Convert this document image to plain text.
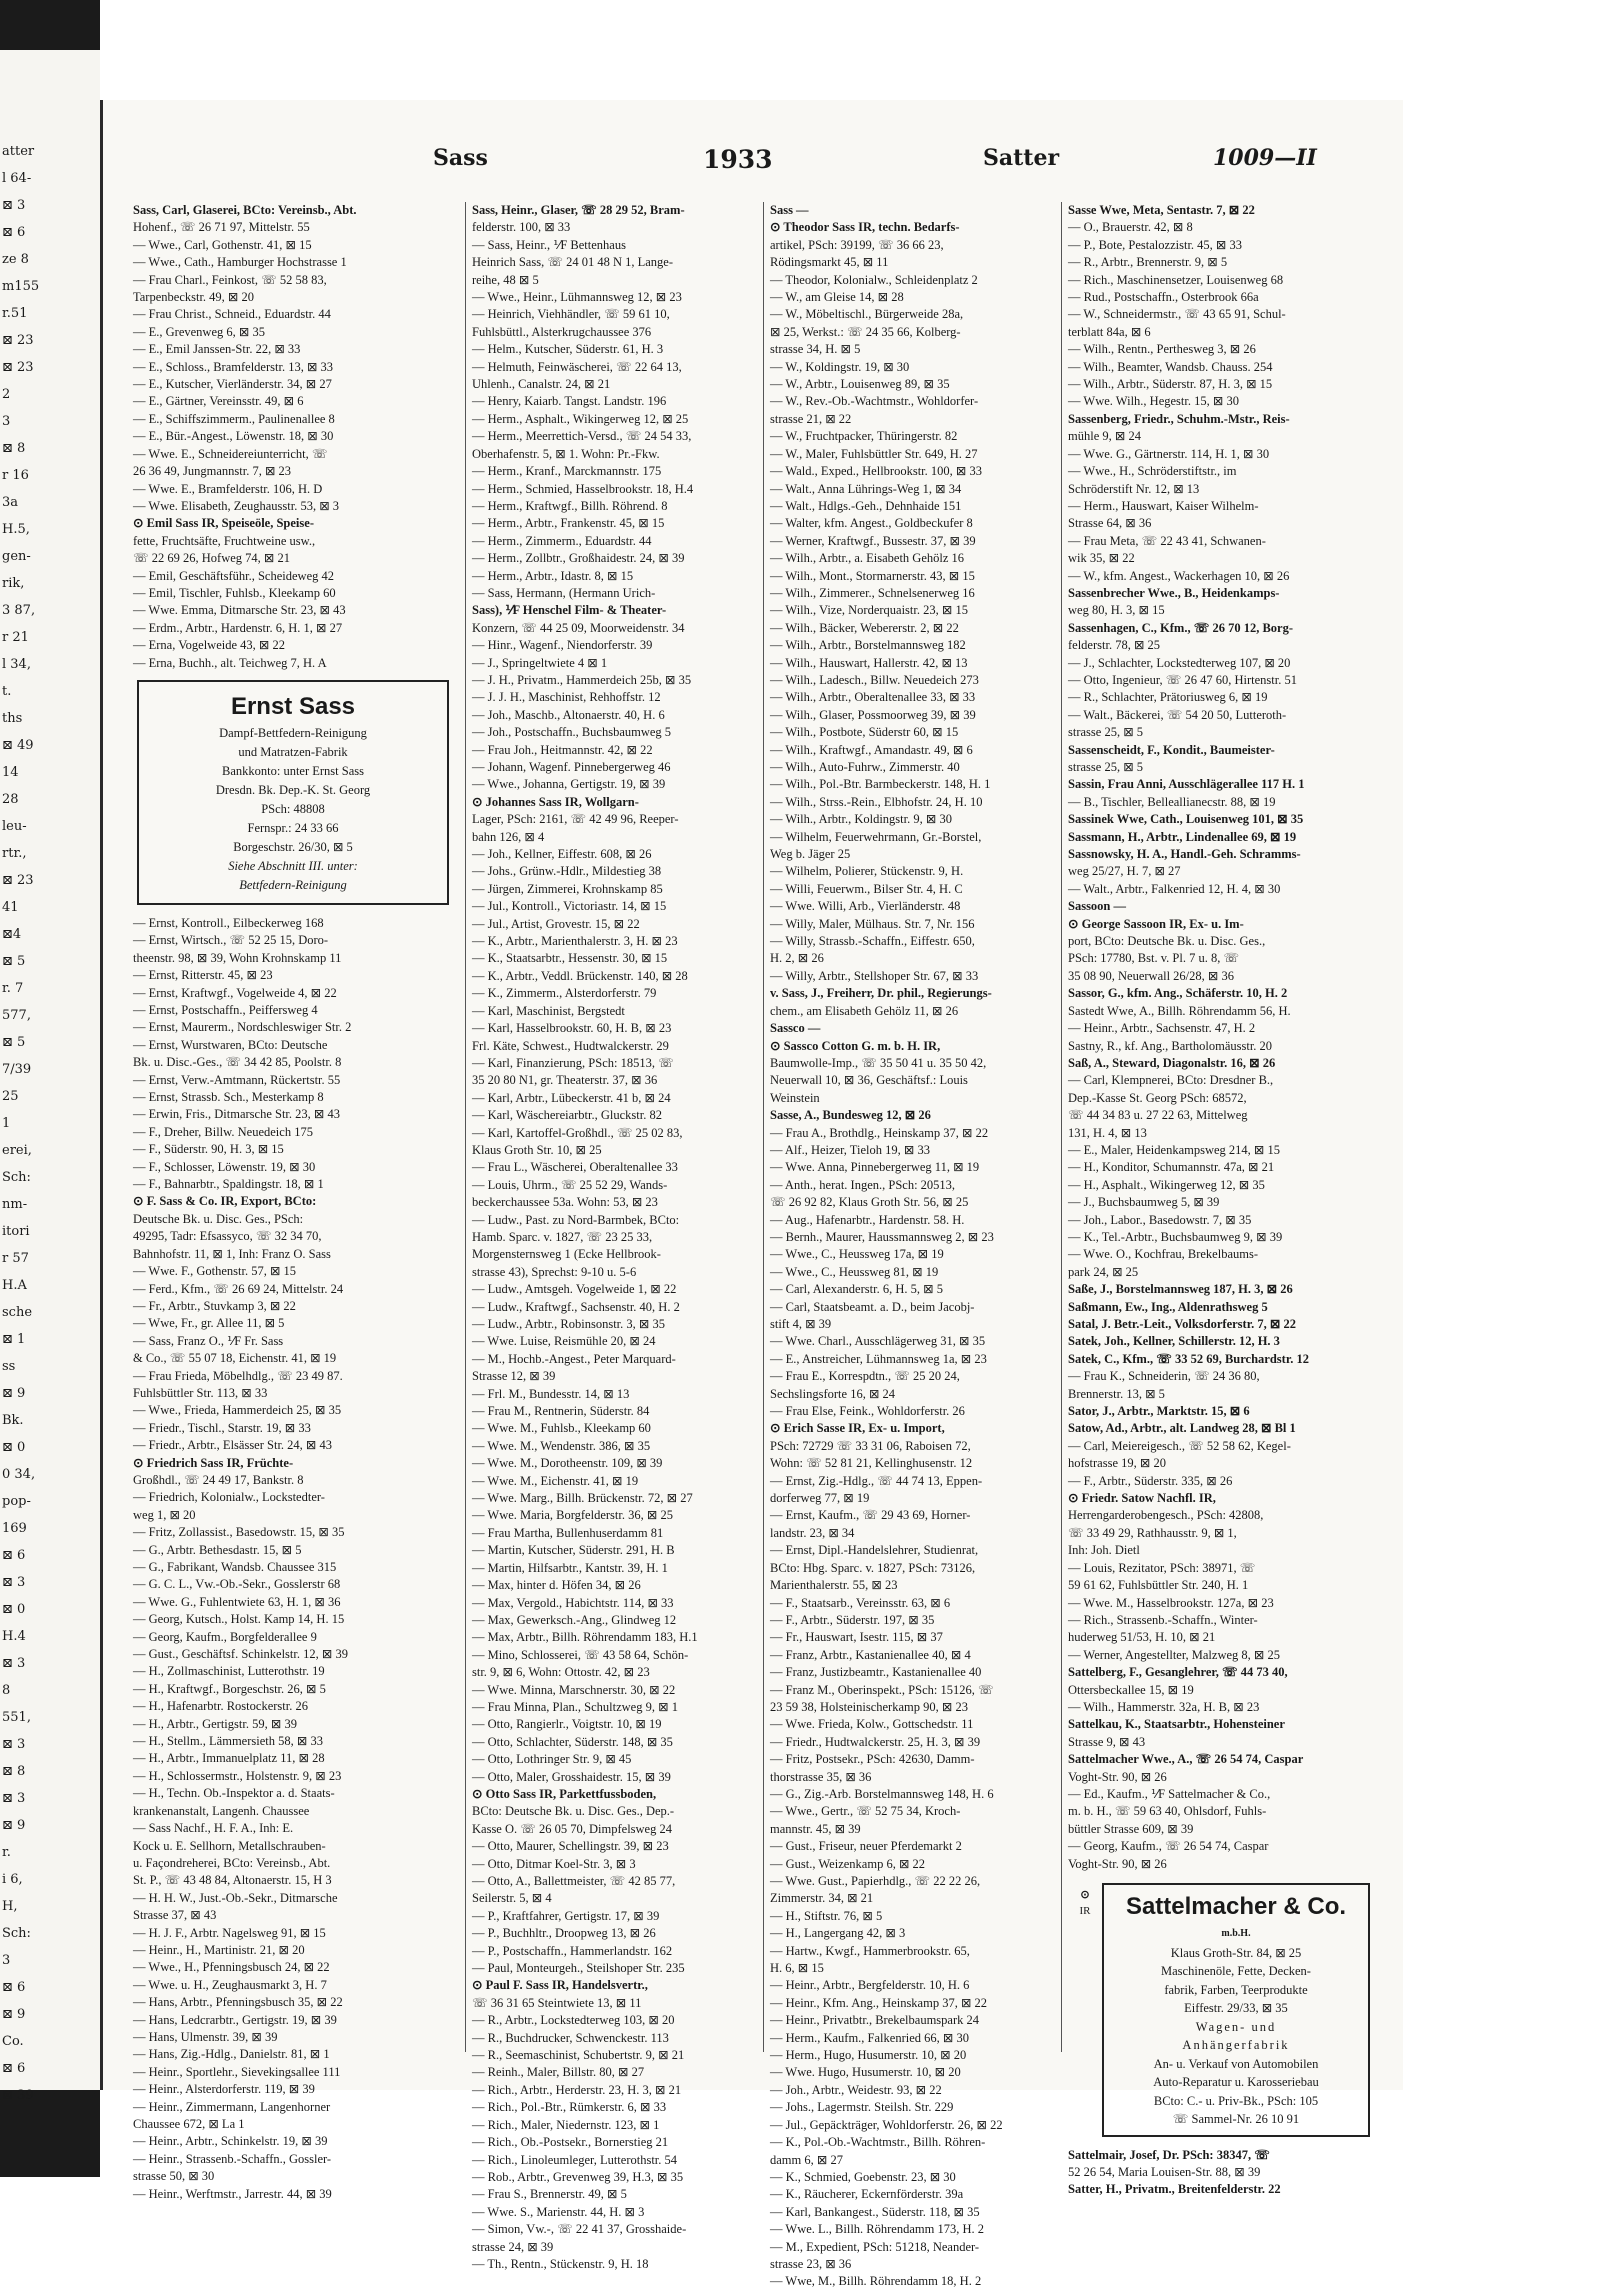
atter
l 64-
⊠ 3
⊠ 6
ze 8
m155
r.51
⊠ 23
⊠ 23
2
3
⊠ 8
r 16
3a
H.5,
gen-
rik,
3 87,
r 21
l 34,
t.
ths
⊠ 49
14
28
leu-
rtr.,
⊠ 23
41
⊠4
⊠ 5
r. 7
577,
⊠ 5
7/39
25
1
erei,
Sch:
nm-
itori
r 57
H.A
sche
⊠ 1
ss
⊠ 9
Bk.
⊠ 0
0 34,
pop-
169
⊠ 6
⊠ 3
⊠ 0
H.4
⊠ 3
8
551,
⊠ 3
⊠ 8
⊠ 3
⊠ 9
r.
i 6,
H,
Sch:
3
⊠ 6
⊠ 9
Co.
⊠ 6
⊠ 39
Sass	1933	Satter	1009—II
Sass, Carl, Glaserei, BCto: Vereinsb., Abt.
Hohenf., ☏ 26 71 97, Mittelstr. 55
— Wwe., Carl, Gothenstr. 41, ⊠ 15
— Wwe., Cath., Hamburger Hochstrasse 1
— Frau Charl., Feinkost, ☏ 52 58 83,
Tarpenbeckstr. 49, ⊠ 20
— Frau Christ., Schneid., Eduardstr. 44
— E., Grevenweg 6, ⊠ 35
— E., Emil Janssen-Str. 22, ⊠ 33
— E., Schloss., Bramfelderstr. 13, ⊠ 33
— E., Kutscher, Vierländerstr. 34, ⊠ 27
— E., Gärtner, Vereinsstr. 49, ⊠ 6
— E., Schiffszimmerm., Paulinenallee 8
— E., Bür.-Angest., Löwenstr. 18, ⊠ 30
— Wwe. E., Schneidereiunterricht, ☏
26 36 49, Jungmannstr. 7, ⊠ 23
— Wwe. E., Bramfelderstr. 106, H. D
— Wwe. Elisabeth, Zeughausstr. 53, ⊠ 3
⊙ Emil Sass IR, Speiseöle, Speise-
fette, Fruchtsäfte, Fruchtweine usw.,
☏ 22 69 26, Hofweg 74, ⊠ 21
— Emil, Geschäftsführ., Scheideweg 42
— Emil, Tischler, Fuhlsb., Kleekamp 60
— Wwe. Emma, Ditmarsche Str. 23, ⊠ 43
— Erdm., Arbtr., Hardenstr. 6, H. 1, ⊠ 27
— Erna, Vogelweide 43, ⊠ 22
— Erna, Buchh., alt. Teichweg 7, H. A
Ernst Sass
Dampf-Bettfedern-Reinigung
und Matratzen-Fabrik
Bankkonto: unter Ernst Sass
Dresdn. Bk. Dep.-K. St. Georg
PSch: 48808
Fernspr.: 24 33 66
Borgeschstr. 26/30, ⊠ 5
Siehe Abschnitt III. unter:
Bettfedern-Reinigung
— Ernst, Kontroll., Eilbeckerweg 168
— Ernst, Wirtsch., ☏ 52 25 15, Doro-
theenstr. 98, ⊠ 39, Wohn Krohnskamp 11
— Ernst, Ritterstr. 45, ⊠ 23
— Ernst, Kraftwgf., Vogelweide 4, ⊠ 22
— Ernst, Postschaffn., Peiffersweg 4
— Ernst, Maurerm., Nordschleswiger Str. 2
— Ernst, Wurstwaren, BCto: Deutsche
Bk. u. Disc.-Ges., ☏ 34 42 85, Poolstr. 8
— Ernst, Verw.-Amtmann, Rückertstr. 55
— Ernst, Strassb. Sch., Mesterkamp 8
— Erwin, Fris., Ditmarsche Str. 23, ⊠ 43
— F., Dreher, Billw. Neuedeich 175
— F., Süderstr. 90, H. 3, ⊠ 15
— F., Schlosser, Löwenstr. 19, ⊠ 30
— F., Bahnarbtr., Spaldingstr. 18, ⊠ 1
⊙ F. Sass & Co. IR, Export, BCto:
Deutsche Bk. u. Disc. Ges., PSch:
49295, Tadr: Efsassyco, ☏ 32 34 70,
Bahnhofstr. 11, ⊠ 1, Inh: Franz O. Sass
— Wwe. F., Gothenstr. 57, ⊠ 15
— Ferd., Kfm., ☏ 26 69 24, Mittelstr. 24
— Fr., Arbtr., Stuvkamp 3, ⊠ 22
— Wwe, Fr., gr. Allee 11, ⊠ 5
— Sass, Franz O., ⅟F Fr. Sass
& Co., ☏ 55 07 18, Eichenstr. 41, ⊠ 19
— Frau Frieda, Möbelhdlg., ☏ 23 49 87.
Fuhlsbüttler Str. 113, ⊠ 33
— Wwe., Frieda, Hammerdeich 25, ⊠ 35
— Friedr., Tischl., Starstr. 19, ⊠ 33
— Friedr., Arbtr., Elsässer Str. 24, ⊠ 43
⊙ Friedrich Sass IR, Früchte-
Großhdl., ☏ 24 49 17, Bankstr. 8
— Friedrich, Kolonialw., Lockstedter-
weg 1, ⊠ 20
— Fritz, Zollassist., Basedowstr. 15, ⊠ 35
— G., Arbtr. Bethesdastr. 15, ⊠ 5
— G., Fabrikant, Wandsb. Chaussee 315
— G. C. L., Vw.-Ob.-Sekr., Gosslerstr 68
— Wwe. G., Fuhlentwiete 63, H. 1, ⊠ 36
— Georg, Kutsch., Holst. Kamp 14, H. 15
— Georg, Kaufm., Borgfelderallee 9
— Gust., Geschäftsf. Schinkelstr. 12, ⊠ 39
— H., Zollmaschinist, Lutterothstr. 19
— H., Kraftwgf., Borgeschstr. 26, ⊠ 5
— H., Hafenarbtr. Rostockerstr. 26
— H., Arbtr., Gertigstr. 59, ⊠ 39
— H., Stellm., Lämmersieth 58, ⊠ 33
— H., Arbtr., Immanuelplatz 11, ⊠ 28
— H., Schlossermstr., Holstenstr. 9, ⊠ 23
— H., Techn. Ob.-Inspektor a. d. Staats-
krankenanstalt, Langenh. Chaussee
— Sass Nachf., H. F. A., Inh: E.
Kock u. E. Sellhorn, Metallschrauben-
u. Façondreherei, BCto: Vereinsb., Abt.
St. P., ☏ 43 48 84, Altonaerstr. 15, H 3
— H. H. W., Just.-Ob.-Sekr., Ditmarsche
Strasse 37, ⊠ 43
— H. J. F., Arbtr. Nagelsweg 91, ⊠ 15
— Heinr., H., Martinistr. 21, ⊠ 20
— Wwe., H., Pfenningsbusch 24, ⊠ 22
— Wwe. u. H., Zeughausmarkt 3, H. 7
— Hans, Arbtr., Pfenningsbusch 35, ⊠ 22
— Hans, Ledcrarbtr., Gertigstr. 19, ⊠ 39
— Hans, Ulmenstr. 39, ⊠ 39
— Hans, Zig.-Hdlg., Danielstr. 81, ⊠ 1
— Heinr., Sportlehr., Sievekingsallee 111
— Heinr., Alsterdorferstr. 119, ⊠ 39
— Heinr., Zimmermann, Langenhorner
Chaussee 672, ⊠ La 1
— Heinr., Arbtr., Schinkelstr. 19, ⊠ 39
— Heinr., Strassenb.-Schaffn., Gossler-
strasse 50, ⊠ 30
— Heinr., Werftmstr., Jarrestr. 44, ⊠ 39
Sass, Heinr., Glaser, ☏ 28 29 52, Bram-
felderstr. 100, ⊠ 33
— Sass, Heinr., ⅟F Bettenhaus
Heinrich Sass, ☏ 24 01 48 N 1, Lange-
reihe, 48 ⊠ 5
— Wwe., Heinr., Lühmannsweg 12, ⊠ 23
— Heinrich, Viehhändler, ☏ 59 61 10,
Fuhlsbüttl., Alsterkrugchaussee 376
— Helm., Kutscher, Süderstr. 61, H. 3
— Helmuth, Feinwäscherei, ☏ 22 64 13,
Uhlenh., Canalstr. 24, ⊠ 21
— Henry, Kaiarb. Tangst. Landstr. 196
— Herm., Asphalt., Wikingerweg 12, ⊠ 25
— Herm., Meerrettich-Versd., ☏ 24 54 33,
Oberhafenstr. 5, ⊠ 1. Wohn: Pr.-Fkw.
— Herm., Kranf., Marckmannstr. 175
— Herm., Schmied, Hasselbrookstr. 18, H.4
— Herm., Kraftwgf., Billh. Röhrend. 8
— Herm., Arbtr., Frankenstr. 45, ⊠ 15
— Herm., Zimmerm., Eduardstr. 44
— Herm., Zollbtr., Großhaidestr. 24, ⊠ 39
— Herm., Arbtr., Idastr. 8, ⊠ 15
— Sass, Hermann, (Hermann Urich-
Sass), ⅟F Henschel Film- & Theater-
Konzern, ☏ 44 25 09, Moorweidenstr. 34
— Hinr., Wagenf., Niendorferstr. 39
— J., Springeltwiete 4 ⊠ 1
— J. H., Privatm., Hammerdeich 25b, ⊠ 35
— J. J. H., Maschinist, Rehhoffstr. 12
— Joh., Maschb., Altonaerstr. 40, H. 6
— Joh., Postschaffn., Buchsbaumweg 5
— Frau Joh., Heitmannstr. 42, ⊠ 22
— Johann, Wagenf. Pinnebergerweg 46
— Wwe., Johanna, Gertigstr. 19, ⊠ 39
⊙ Johannes Sass IR, Wollgarn-
Lager, PSch: 2161, ☏ 42 49 96, Reeper-
bahn 126, ⊠ 4
— Joh., Kellner, Eiffestr. 608, ⊠ 26
— Johs., Grünw.-Hdlr., Mildestieg 38
— Jürgen, Zimmerei, Krohnskamp 85
— Jul., Kontroll., Victoriastr. 14, ⊠ 15
— Jul., Artist, Grovestr. 15, ⊠ 22
— K., Arbtr., Marienthalerstr. 3, H. ⊠ 23
— K., Staatsarbtr., Hessenstr. 30, ⊠ 15
— K., Arbtr., Veddl. Brückenstr. 140, ⊠ 28
— K., Zimmerm., Alsterdorferstr. 79
— Karl, Maschinist, Bergstedt
— Karl, Hasselbrookstr. 60, H. B, ⊠ 23
Frl. Käte, Schwest., Hudtwalckerstr. 29
— Karl, Finanzierung, PSch: 18513, ☏
35 20 80 N1, gr. Theaterstr. 37, ⊠ 36
— Karl, Arbtr., Lübeckerstr. 41 b, ⊠ 24
— Karl, Wäschereiarbtr., Gluckstr. 82
— Karl, Kartoffel-Großhdl., ☏ 25 02 83,
Klaus Groth Str. 10, ⊠ 25
— Frau L., Wäscherei, Oberaltenallee 33
— Louis, Uhrm., ☏ 25 52 29, Wands-
beckerchaussee 53a. Wohn: 53, ⊠ 23
— Ludw., Past. zu Nord-Barmbek, BCto:
Hamb. Sparc. v. 1827, ☏ 23 25 33,
Morgensternsweg 1 (Ecke Hellbrook-
strasse 43), Sprechst: 9-10 u. 5-6
— Ludw., Amtsgeh. Vogelweide 1, ⊠ 22
— Ludw., Kraftwgf., Sachsenstr. 40, H. 2
— Ludw., Arbtr., Robinsonstr. 3, ⊠ 35
— Wwe. Luise, Reismühle 20, ⊠ 24
— M., Hochb.-Angest., Peter Marquard-
Strasse 12, ⊠ 39
— Frl. M., Bundesstr. 14, ⊠ 13
— Frau M., Rentnerin, Süderstr. 84
— Wwe. M., Fuhlsb., Kleekamp 60
— Wwe. M., Wendenstr. 386, ⊠ 35
— Wwe. M., Dorotheenstr. 109, ⊠ 39
— Wwe. M., Eichenstr. 41, ⊠ 19
— Wwe. Marg., Billh. Brückenstr. 72, ⊠ 27
— Wwe. Maria, Borgfelderstr. 36, ⊠ 25
— Frau Martha, Bullenhuserdamm 81
— Martin, Kutscher, Süderstr. 291, H. B
— Martin, Hilfsarbtr., Kantstr. 39, H. 1
— Max, hinter d. Höfen 34, ⊠ 26
— Max, Vergold., Habichtstr. 114, ⊠ 33
— Max, Gewerksch.-Ang., Glindweg 12
— Max, Arbtr., Billh. Röhrendamm 183, H.1
— Mino, Schlosserei, ☏ 43 58 64, Schön-
str. 9, ⊠ 6, Wohn: Ottostr. 42, ⊠ 23
— Wwe. Minna, Marschnerstr. 30, ⊠ 22
— Frau Minna, Plan., Schultzweg 9, ⊠ 1
— Otto, Rangierlr., Voigtstr. 10, ⊠ 19
— Otto, Schlachter, Süderstr. 148, ⊠ 35
— Otto, Lothringer Str. 9, ⊠ 45
— Otto, Maler, Grosshaidestr. 15, ⊠ 39
⊙ Otto Sass IR, Parkettfussboden,
BCto: Deutsche Bk. u. Disc. Ges., Dep.-
Kasse O. ☏ 26 05 70, Dimpfelsweg 24
— Otto, Maurer, Schellingstr. 39, ⊠ 23
— Otto, Ditmar Koel-Str. 3, ⊠ 3
— Otto, A., Ballettmeister, ☏ 42 85 77,
Seilerstr. 5, ⊠ 4
— P., Kraftfahrer, Gertigstr. 17, ⊠ 39
— P., Buchhltr., Droopweg 13, ⊠ 26
— P., Postschaffn., Hammerlandstr. 162
— Paul, Monteurgeh., Steilshoper Str. 235
⊙ Paul F. Sass IR, Handelsvertr.,
☏ 36 31 65 Steintwiete 13, ⊠ 11
— R., Arbtr., Lockstedterweg 103, ⊠ 20
— R., Buchdrucker, Schwenckestr. 113
— R., Seemaschinist, Schubertstr. 9, ⊠ 21
— Reinh., Maler, Billstr. 80, ⊠ 27
— Rich., Arbtr., Herderstr. 23, H. 3, ⊠ 21
— Rich., Pol.-Btr., Rümkerstr. 6, ⊠ 33
— Rich., Maler, Niedernstr. 123, ⊠ 1
— Rich., Ob.-Postsekr., Bornerstieg 21
— Rich., Linoleumleger, Lutterothstr. 54
— Rob., Arbtr., Grevenweg 39, H.3, ⊠ 35
— Frau S., Brennerstr. 49, ⊠ 5
— Wwe. S., Marienstr. 44, H. ⊠ 3
— Simon, Vw.-, ☏ 22 41 37, Grosshaide-
strasse 24, ⊠ 39
— Th., Rentn., Stückenstr. 9, H. 18
Sass —
⊙ Theodor Sass IR, techn. Bedarfs-
artikel, PSch: 39199, ☏ 36 66 23,
Rödingsmarkt 45, ⊠ 11
— Theodor, Kolonialw., Schleidenplatz 2
— W., am Gleise 14, ⊠ 28
— W., Möbeltischl., Bürgerweide 28a,
⊠ 25, Werkst.: ☏ 24 35 66, Kolberg-
strasse 34, H. ⊠ 5
— W., Koldingstr. 19, ⊠ 30
— W., Arbtr., Louisenweg 89, ⊠ 35
— W., Rev.-Ob.-Wachtmstr., Wohldorfer-
strasse 21, ⊠ 22
— W., Fruchtpacker, Thüringerstr. 82
— W., Maler, Fuhlsbüttler Str. 649, H. 27
— Wald., Exped., Hellbrookstr. 100, ⊠ 33
— Walt., Anna Lührings-Weg 1, ⊠ 34
— Walt., Hdlgs.-Geh., Dehnhaide 151
— Walter, kfm. Angest., Goldbeckufer 8
— Werner, Kraftwgf., Bussestr. 37, ⊠ 39
— Wilh., Arbtr., a. Eisabeth Gehölz 16
— Wilh., Mont., Stormarnerstr. 43, ⊠ 15
— Wilh., Zimmerer., Schnelsenerweg 16
— Wilh., Vize, Norderquaistr. 23, ⊠ 15
— Wilh., Bäcker, Webererstr. 2, ⊠ 22
— Wilh., Arbtr., Borstelmannsweg 182
— Wilh., Hauswart, Hallerstr. 42, ⊠ 13
— Wilh., Ladesch., Billw. Neuedeich 273
— Wilh., Arbtr., Oberaltenallee 33, ⊠ 33
— Wilh., Glaser, Possmoorweg 39, ⊠ 39
— Wilh., Postbote, Süderstr 60, ⊠ 15
— Wilh., Kraftwgf., Amandastr. 49, ⊠ 6
— Wilh., Auto-Fuhrw., Zimmerstr. 40
— Wilh., Pol.-Btr. Barmbeckerstr. 148, H. 1
— Wilh., Strss.-Rein., Elbhofstr. 24, H. 10
— Wilh., Arbtr., Koldingstr. 9, ⊠ 30
— Wilhelm, Feuerwehrmann, Gr.-Borstel,
Weg b. Jäger 25
— Wilhelm, Polierer, Stückenstr. 9, H.
— Willi, Feuerwm., Bilser Str. 4, H. C
— Wwe. Willi, Arb., Vierländerstr. 48
— Willy, Maler, Mülhaus. Str. 7, Nr. 156
— Willy, Strassb.-Schaffn., Eiffestr. 650,
H. 2, ⊠ 26
— Willy, Arbtr., Stellshoper Str. 67, ⊠ 33
v. Sass, J., Freiherr, Dr. phil., Regierungs-
chem., am Elisabeth Gehölz 11, ⊠ 26
Sassco —
⊙ Sassco Cotton G. m. b. H. IR,
Baumwolle-Imp., ☏ 35 50 41 u. 35 50 42,
Neuerwall 10, ⊠ 36, Geschäftsf.: Louis
Weinstein
Sasse, A., Bundesweg 12, ⊠ 26
— Frau A., Brothdlg., Heinskamp 37, ⊠ 22
— Alf., Heizer, Tieloh 19, ⊠ 33
— Wwe. Anna, Pinnebergerweg 11, ⊠ 19
— Anth., herat. Ingen., PSch: 20513,
☏ 26 92 82, Klaus Groth Str. 56, ⊠ 25
— Aug., Hafenarbtr., Hardenstr. 58. H.
— Bernh., Maurer, Haussmannsweg 2, ⊠ 23
— Wwe., C., Heussweg 17a, ⊠ 19
— Wwe., C., Heussweg 81, ⊠ 19
— Carl, Alexanderstr. 6, H. 5, ⊠ 5
— Carl, Staatsbeamt. a. D., beim Jacobj-
stift 4, ⊠ 39
— Wwe. Charl., Ausschlägerweg 31, ⊠ 35
— E., Anstreicher, Lühmannsweg 1a, ⊠ 23
— Frau E., Korrespdtn., ☏ 25 20 24,
Sechslingsforte 16, ⊠ 24
— Frau Else, Feink., Wohldorferstr. 26
⊙ Erich Sasse IR, Ex- u. Import,
PSch: 72729 ☏ 33 31 06, Raboisen 72,
Wohn: ☏ 52 81 21, Kellinghusenstr. 12
— Ernst, Zig.-Hdlg., ☏ 44 74 13, Eppen-
dorferweg 77, ⊠ 19
— Ernst, Kaufm., ☏ 29 43 69, Horner-
landstr. 23, ⊠ 34
— Ernst, Dipl.-Handelslehrer, Studienrat,
BCto: Hbg. Sparc. v. 1827, PSch: 73126,
Marienthalerstr. 55, ⊠ 23
— F., Staatsarb., Vereinsstr. 63, ⊠ 6
— F., Arbtr., Süderstr. 197, ⊠ 35
— Fr., Hauswart, Isestr. 115, ⊠ 37
— Franz, Arbtr., Kastanienallee 40, ⊠ 4
— Franz, Justizbeamtr., Kastanienallee 40
— Franz M., Oberinspekt., PSch: 15126, ☏
23 59 38, Holsteinischerkamp 90, ⊠ 23
— Wwe. Frieda, Kolw., Gottschedstr. 11
— Friedr., Hudtwalckerstr. 25, H. 3, ⊠ 39
— Fritz, Postsekr., PSch: 42630, Damm-
thorstrasse 35, ⊠ 36
— G., Zig.-Arb. Borstelmannsweg 148, H. 6
— Wwe., Gertr., ☏ 52 75 34, Kroch-
mannstr. 45, ⊠ 39
— Gust., Friseur, neuer Pferdemarkt 2
— Gust., Weizenkamp 6, ⊠ 22
— Wwe. Gust., Papierhdlg., ☏ 22 22 26,
Zimmerstr. 34, ⊠ 21
— H., Stiftstr. 76, ⊠ 5
— H., Langergang 42, ⊠ 3
— Hartw., Kwgf., Hammerbrookstr. 65,
H. 6, ⊠ 15
— Heinr., Arbtr., Bergfelderstr. 10, H. 6
— Heinr., Kfm. Ang., Heinskamp 37, ⊠ 22
— Heinr., Privatbtr., Brekelbaumspark 24
— Herm., Kaufm., Falkenried 66, ⊠ 30
— Herm., Hugo, Husumerstr. 10, ⊠ 20
— Wwe. Hugo, Husumerstr. 10, ⊠ 20
— Joh., Arbtr., Weidestr. 93, ⊠ 22
— Johs., Lagermstr. Steilsh. Str. 229
— Jul., Gepäckträger, Wohldorferstr. 26, ⊠ 22
— K., Pol.-Ob.-Wachtmstr., Billh. Röhren-
damm 6, ⊠ 27
— K., Schmied, Goebenstr. 23, ⊠ 30
— K., Räucherer, Eckernförderstr. 39a
— Karl, Bankangest., Süderstr. 118, ⊠ 35
— Wwe. L., Billh. Röhrendamm 173, H. 2
— M., Expedient, PSch: 51218, Neander-
strasse 23, ⊠ 36
— Wwe, M., Billh. Röhrendamm 18, H. 2
Sasse Wwe, Meta, Sentastr. 7, ⊠ 22
— O., Brauerstr. 42, ⊠ 8
— P., Bote, Pestalozzistr. 45, ⊠ 33
— R., Arbtr., Brennerstr. 9, ⊠ 5
— Rich., Maschinensetzer, Louisenweg 68
— Rud., Postschaffn., Osterbrook 66a
— W., Schneidermstr., ☏ 43 65 91, Schul-
terblatt 84a, ⊠ 6
— Wilh., Rentn., Perthesweg 3, ⊠ 26
— Wilh., Beamter, Wandsb. Chauss. 254
— Wilh., Arbtr., Süderstr. 87, H. 3, ⊠ 15
— Wwe. Wilh., Hegestr. 15, ⊠ 30
Sassenberg, Friedr., Schuhm.-Mstr., Reis-
mühle 9, ⊠ 24
— Wwe. G., Gärtnerstr. 114, H. 1, ⊠ 30
— Wwe., H., Schröderstiftstr., im
Schröderstift Nr. 12, ⊠ 13
— Herm., Hauswart, Kaiser Wilhelm-
Strasse 64, ⊠ 36
— Frau Meta, ☏ 22 43 41, Schwanen-
wik 35, ⊠ 22
— W., kfm. Angest., Wackerhagen 10, ⊠ 26
Sassenbrecher Wwe., B., Heidenkamps-
weg 80, H. 3, ⊠ 15
Sassenhagen, C., Kfm., ☏ 26 70 12, Borg-
felderstr. 78, ⊠ 25
— J., Schlachter, Lockstedterweg 107, ⊠ 20
— Otto, Ingenieur, ☏ 26 47 60, Hirtenstr. 51
— R., Schlachter, Prätoriusweg 6, ⊠ 19
— Walt., Bäckerei, ☏ 54 20 50, Lutteroth-
strasse 25, ⊠ 5
Sassenscheidt, F., Kondit., Baumeister-
strasse 25, ⊠ 5
Sassin, Frau Anni, Ausschlägerallee 117 H. 1
— B., Tischler, Belleallianecstr. 88, ⊠ 19
Sassinek Wwe, Cath., Louisenweg 101, ⊠ 35
Sassmann, H., Arbtr., Lindenallee 69, ⊠ 19
Sassnowsky, H. A., Handl.-Geh. Schramms-
weg 25/27, H. 7, ⊠ 27
— Walt., Arbtr., Falkenried 12, H. 4, ⊠ 30
Sassoon —
⊙ George Sassoon IR, Ex- u. Im-
port, BCto: Deutsche Bk. u. Disc. Ges.,
PSch: 17780, Bst. v. Pl. 7 u. 8, ☏
35 08 90, Neuerwall 26/28, ⊠ 36
Sassor, G., kfm. Ang., Schäferstr. 10, H. 2
Sastedt Wwe, A., Billh. Röhrendamm 56, H.
— Heinr., Arbtr., Sachsenstr. 47, H. 2
Sastny, R., kf. Ang., Bartholomäusstr. 20
Saß, A., Steward, Diagonalstr. 16, ⊠ 26
— Carl, Klempnerei, BCto: Dresdner B.,
Dep.-Kasse St. Georg PSch: 68572,
☏ 44 34 83 u. 27 22 63, Mittelweg
131, H. 4, ⊠ 13
— E., Maler, Heidenkampsweg 214, ⊠ 15
— H., Konditor, Schumannstr. 47a, ⊠ 21
— H., Asphalt., Wikingerweg 12, ⊠ 35
— J., Buchsbaumweg 5, ⊠ 39
— Joh., Labor., Basedowstr. 7, ⊠ 35
— K., Tel.-Arbtr., Buchsbaumweg 9, ⊠ 39
— Wwe. O., Kochfrau, Brekelbaums-
park 24, ⊠ 25
Saße, J., Borstelmannsweg 187, H. 3, ⊠ 26
Saßmann, Ew., Ing., Aldenrathsweg 5
Satal, J. Betr.-Leit., Volksdorferstr. 7, ⊠ 22
Satek, Joh., Kellner, Schillerstr. 12, H. 3
Satek, C., Kfm., ☏ 33 52 69, Burchardstr. 12
— Frau K., Schneiderin, ☏ 24 36 80,
Brennerstr. 13, ⊠ 5
Sator, J., Arbtr., Marktstr. 15, ⊠ 6
Satow, Ad., Arbtr., alt. Landweg 28, ⊠ Bl 1
— Carl, Meiereigesch., ☏ 52 58 62, Kegel-
hofstrasse 19, ⊠ 20
— F., Arbtr., Süderstr. 335, ⊠ 26
⊙ Friedr. Satow Nachfl. IR,
Herrengarderobengesch., PSch: 42808,
☏ 33 49 29, Rathhausstr. 9, ⊠ 1,
Inh: Joh. Dietl
— Louis, Rezitator, PSch: 38971, ☏
59 61 62, Fuhlsbüttler Str. 240, H. 1
— Wwe. M., Hasselbrookstr. 127a, ⊠ 23
— Rich., Strassenb.-Schaffn., Winter-
huderweg 51/53, H. 10, ⊠ 21
— Werner, Angestellter, Malzweg 8, ⊠ 25
Sattelberg, F., Gesanglehrer, ☏ 44 73 40,
Ottersbeckallee 15, ⊠ 19
— Wilh., Hammerstr. 32a, H. B, ⊠ 23
Sattelkau, K., Staatsarbtr., Hohensteiner
Strasse 9, ⊠ 43
Sattelmacher Wwe., A., ☏ 26 54 74, Caspar
Voght-Str. 90, ⊠ 26
— Ed., Kaufm., ⅟F Sattelmacher & Co.,
m. b. H., ☏ 59 63 40, Ohlsdorf, Fuhls-
büttler Strasse 609, ⊠ 39
— Georg, Kaufm., ☏ 26 54 74, Caspar
Voght-Str. 90, ⊠ 26
⊙
IR	Sattelmacher & Co. m.b.H.
Klaus Groth-Str. 84, ⊠ 25
Maschinenöle, Fette, Decken-
fabrik, Farben, Teerprodukte
Eiffestr. 29/33, ⊠ 35
Wagen- und
Anhängerfabrik
An- u. Verkauf von Automobilen
Auto-Reparatur u. Karosseriebau
BCto: C.- u. Priv-Bk., PSch: 105
☏ Sammel-Nr. 26 10 91
Sattelmair, Josef, Dr. PSch: 38347, ☏
52 26 54, Maria Louisen-Str. 88, ⊠ 39
Satter, H., Privatm., Breitenfelderstr. 22
